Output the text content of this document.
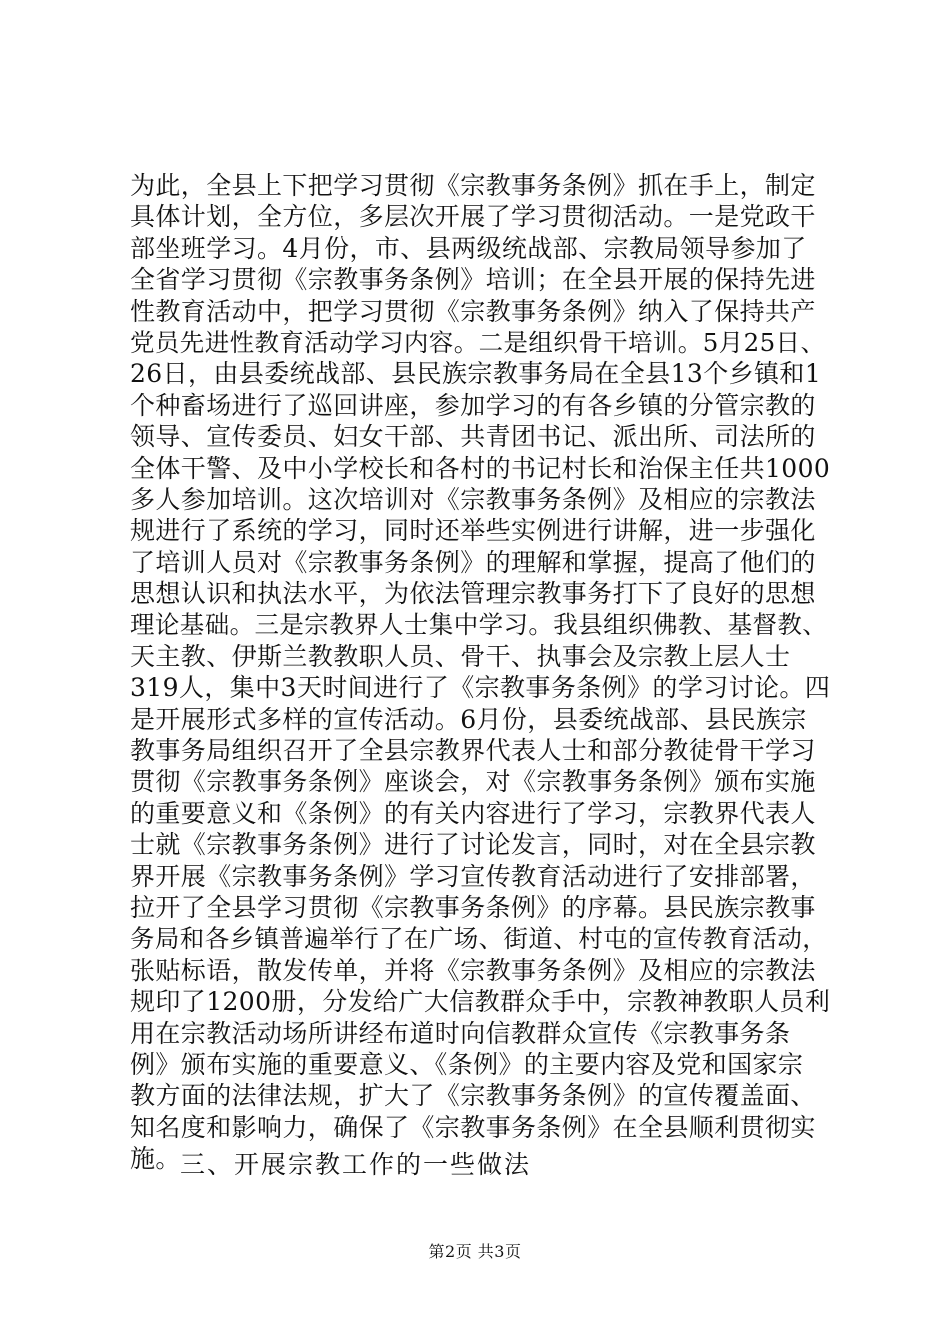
为此，全县上下把学习贯彻《宗教事务条例》抓在手上，制定
具体计划，全方位，多层次开展了学习贯彻活动。一是党政干
部坐班学习。4月份，市、县两级统战部、宗教局领导参加了
全省学习贯彻《宗教事务条例》培训；在全县开展的保持先进
性教育活动中，把学习贯彻《宗教事务条例》纳入了保持共产
党员先进性教育活动学习内容。二是组织骨干培训。5月25日、
26日，由县委统战部、县民族宗教事务局在全县13个乡镇和1
个种畜场进行了巡回讲座，参加学习的有各乡镇的分管宗教的
领导、宣传委员、妇女干部、共青团书记、派出所、司法所的
全体干警、及中小学校长和各村的书记村长和治保主任共1000
多人参加培训。这次培训对《宗教事务条例》及相应的宗教法
规进行了系统的学习，同时还举些实例进行讲解，进一步强化
了培训人员对《宗教事务条例》的理解和掌握，提高了他们的
思想认识和执法水平，为依法管理宗教事务打下了良好的思想
理论基础。三是宗教界人士集中学习。我县组织佛教、基督教、
天主教、伊斯兰教教职人员、骨干、执事会及宗教上层人士
319人，集中3天时间进行了《宗教事务条例》的学习讨论。四
是开展形式多样的宣传活动。6月份，县委统战部、县民族宗
教事务局组织召开了全县宗教界代表人士和部分教徒骨干学习
贯彻《宗教事务条例》座谈会，对《宗教事务条例》颁布实施
的重要意义和《条例》的有关内容进行了学习，宗教界代表人
士就《宗教事务条例》进行了讨论发言，同时，对在全县宗教
界开展《宗教事务条例》学习宣传教育活动进行了安排部署，
拉开了全县学习贯彻《宗教事务条例》的序幕。县民族宗教事
务局和各乡镇普遍举行了在广场、街道、村屯的宣传教育活动，
张贴标语，散发传单，并将《宗教事务条例》及相应的宗教法
规印了1200册，分发给广大信教群众手中，宗教神教职人员利
用在宗教活动场所讲经布道时向信教群众宣传《宗教事务条
例》颁布实施的重要意义、《条例》的主要内容及党和国家宗
教方面的法律法规，扩大了《宗教事务条例》的宣传覆盖面、
知名度和影响力，确保了《宗教事务条例》在全县顺利贯彻实
施。 三、开展宗教工作的一些做法
第2页 共3页
